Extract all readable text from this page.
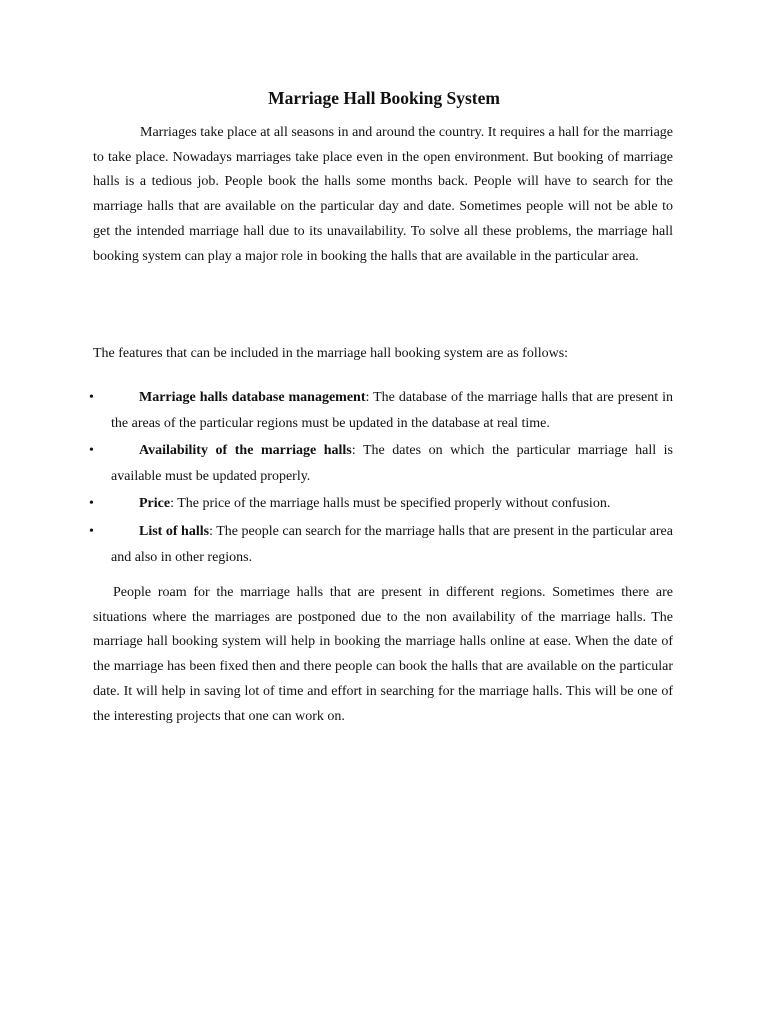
Marriage Hall Booking System

Marriages take place at all seasons in and around the country. It requires a hall for the marriage to take place. Nowadays marriages take place even in the open environment. But booking of marriage halls is a tedious job. People book the halls some months back. People will have to search for the marriage halls that are available on the particular day and date. Sometimes people will not be able to get the intended marriage hall due to its unavailability. To solve all these problems, the marriage hall booking system can play a major role in booking the halls that are available in the particular area.

The features that can be included in the marriage hall booking system are as follows:

•	Marriage halls database management: The database of the marriage halls that are present in the areas of the particular regions must be updated in the database at real time.
•	Availability of the marriage halls: The dates on which the particular marriage hall is available must be updated properly.
•	Price: The price of the marriage halls must be specified properly without confusion.
•	List of halls: The people can search for the marriage halls that are present in the particular area and also in other regions.

People roam for the marriage halls that are present in different regions. Sometimes there are situations where the marriages are postponed due to the non availability of the marriage halls. The marriage hall booking system will help in booking the marriage halls online at ease. When the date of the marriage has been fixed then and there people can book the halls that are available on the particular date. It will help in saving lot of time and effort in searching for the marriage halls. This will be one of the interesting projects that one can work on.
